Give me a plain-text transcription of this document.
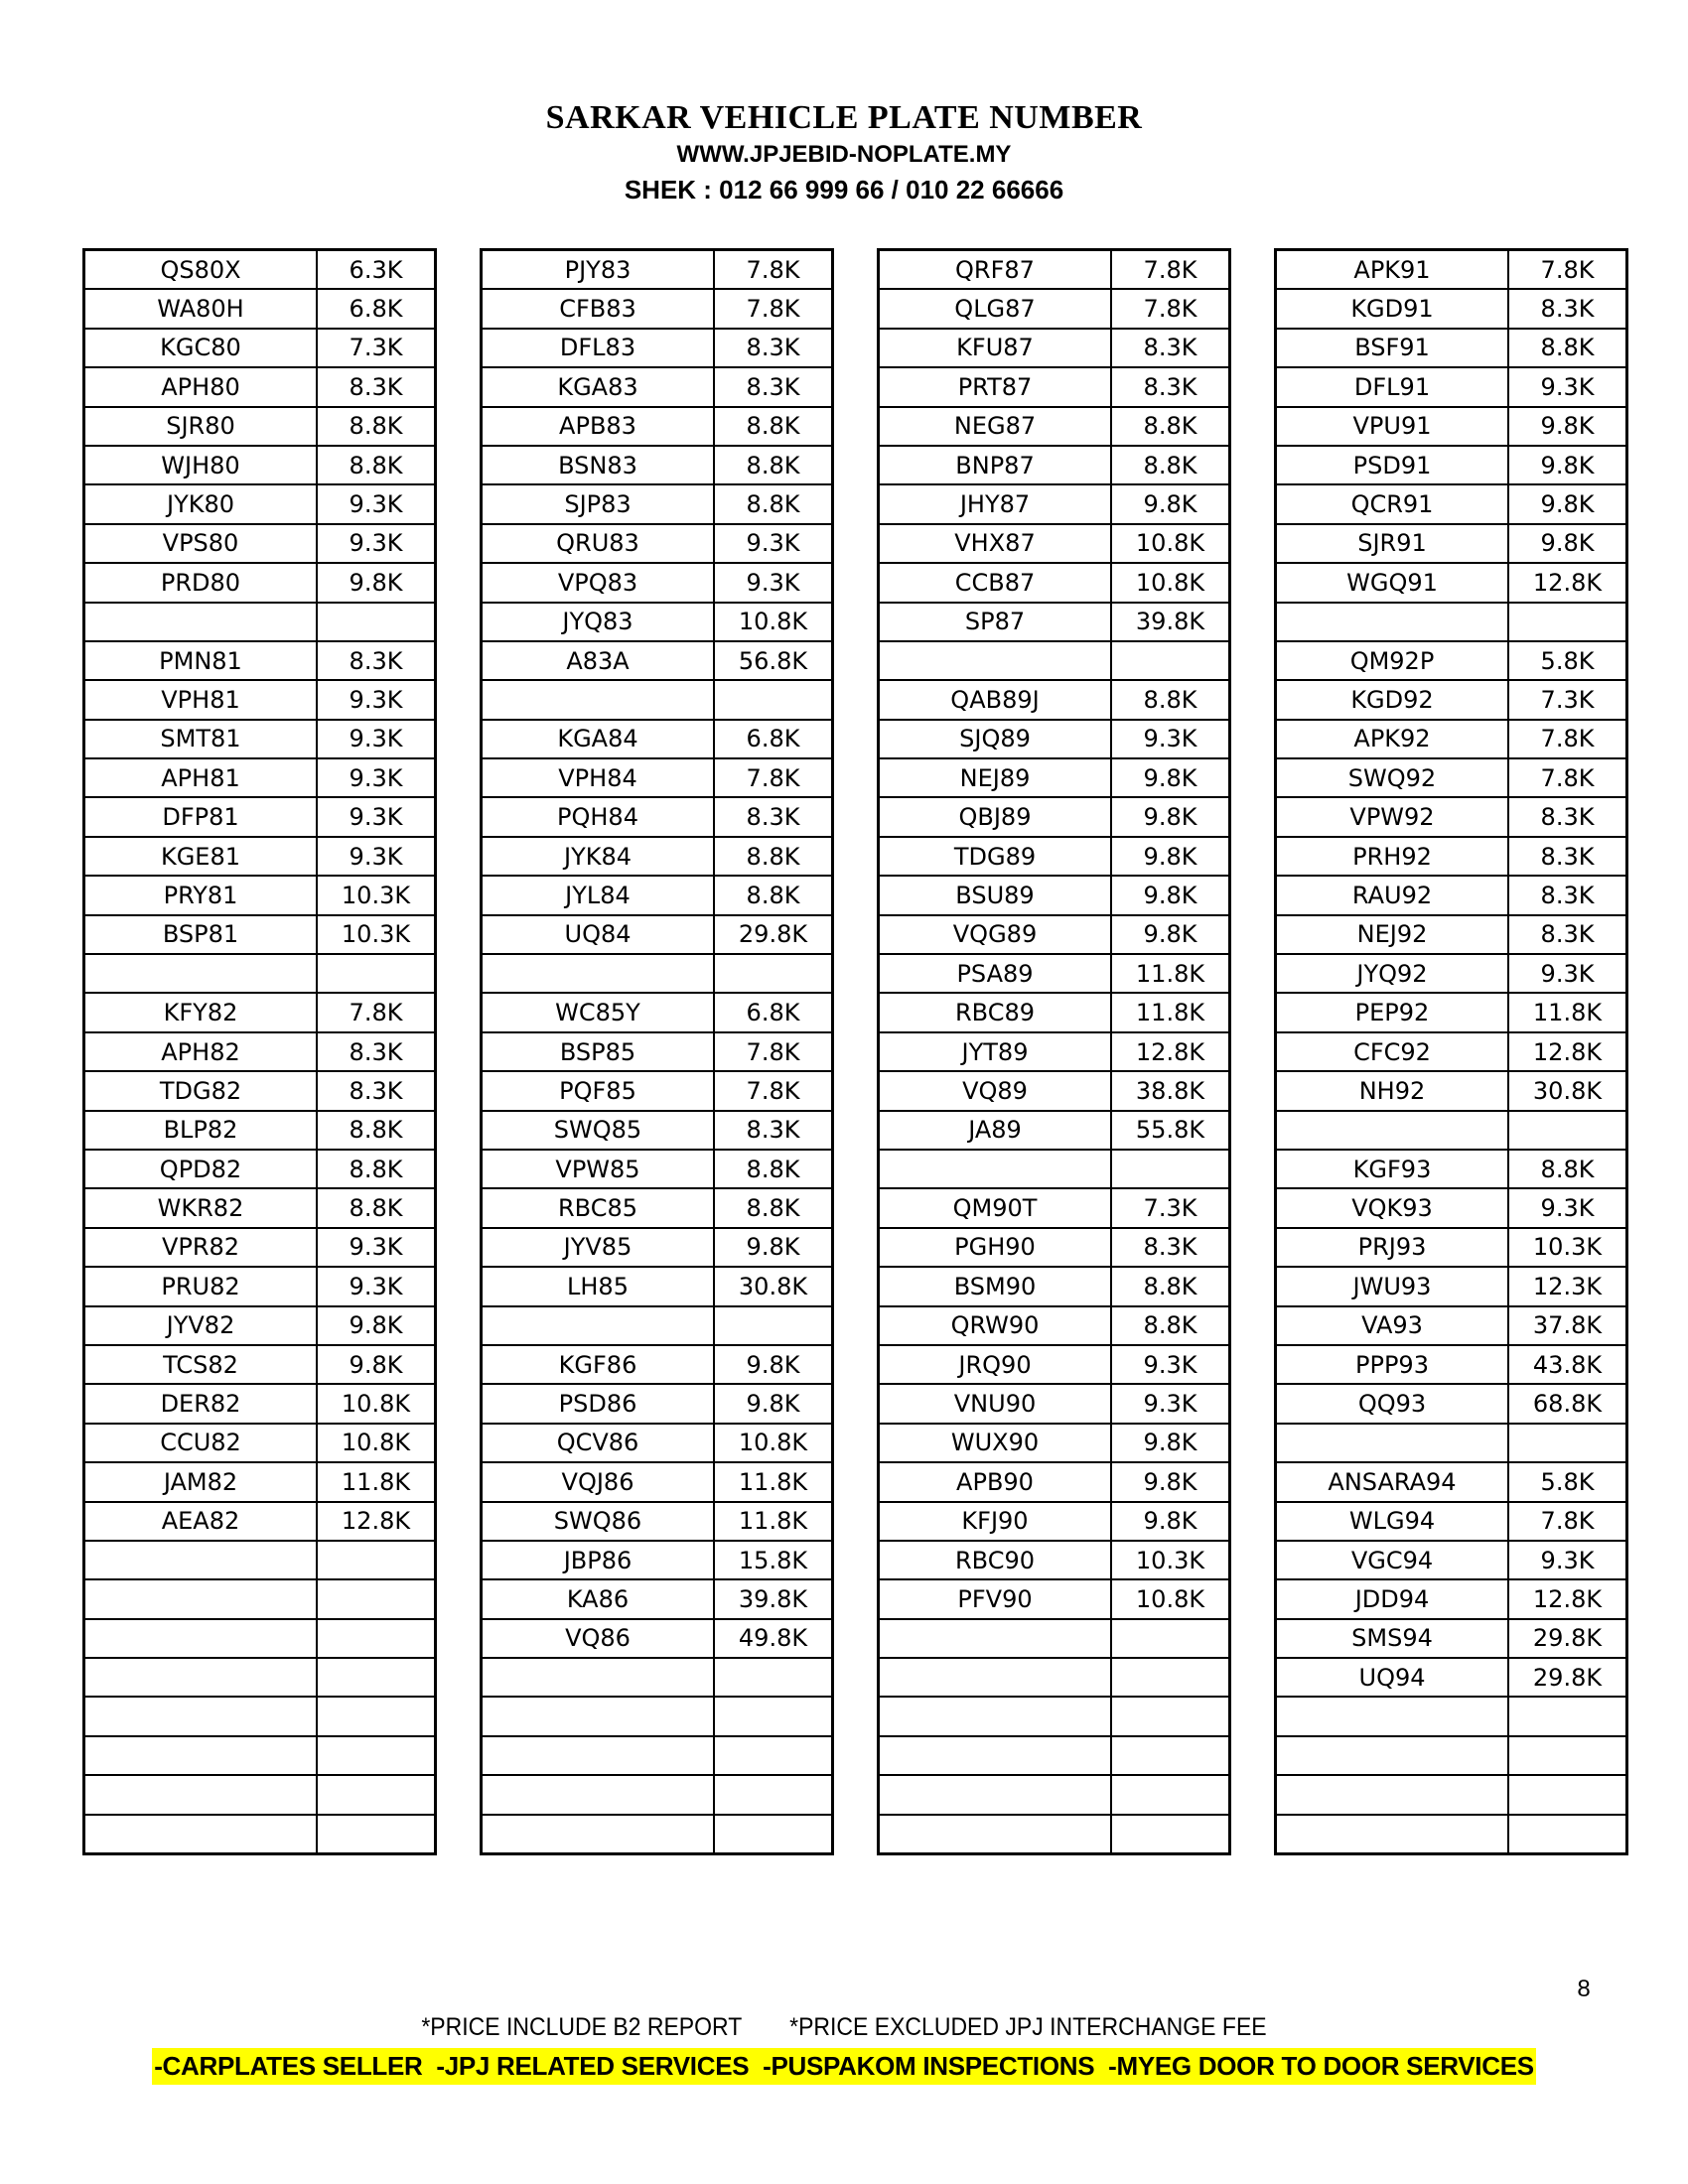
SARKAR VEHICLE PLATE NUMBER
WWW.JPJEBID-NOPLATE.MY
SHEK : 012 66 999 66 / 010 22 66666
QS80X	6.3K
WA80H	6.8K
KGC80	7.3K
APH80	8.3K
SJR80	8.8K
WJH80	8.8K
JYK80	9.3K
VPS80	9.3K
PRD80	9.8K

PMN81	8.3K
VPH81	9.3K
SMT81	9.3K
APH81	9.3K
DFP81	9.3K
KGE81	9.3K
PRY81	10.3K
BSP81	10.3K

KFY82	7.8K
APH82	8.3K
TDG82	8.3K
BLP82	8.8K
QPD82	8.8K
WKR82	8.8K
VPR82	9.3K
PRU82	9.3K
JYV82	9.8K
TCS82	9.8K
DER82	10.8K
CCU82	10.8K
JAM82	11.8K
AEA82	12.8K

PJY83	7.8K
CFB83	7.8K
DFL83	8.3K
KGA83	8.3K
APB83	8.8K
BSN83	8.8K
SJP83	8.8K
QRU83	9.3K
VPQ83	9.3K
JYQ83	10.8K
A83A	56.8K

KGA84	6.8K
VPH84	7.8K
PQH84	8.3K
JYK84	8.8K
JYL84	8.8K
UQ84	29.8K

WC85Y	6.8K
BSP85	7.8K
PQF85	7.8K
SWQ85	8.3K
VPW85	8.8K
RBC85	8.8K
JYV85	9.8K
LH85	30.8K

KGF86	9.8K
PSD86	9.8K
QCV86	10.8K
VQJ86	11.8K
SWQ86	11.8K
JBP86	15.8K
KA86	39.8K
VQ86	49.8K

QRF87	7.8K
QLG87	7.8K
KFU87	8.3K
PRT87	8.3K
NEG87	8.8K
BNP87	8.8K
JHY87	9.8K
VHX87	10.8K
CCB87	10.8K
SP87	39.8K

QAB89J	8.8K
SJQ89	9.3K
NEJ89	9.8K
QBJ89	9.8K
TDG89	9.8K
BSU89	9.8K
VQG89	9.8K
PSA89	11.8K
RBC89	11.8K
JYT89	12.8K
VQ89	38.8K
JA89	55.8K

QM90T	7.3K
PGH90	8.3K
BSM90	8.8K
QRW90	8.8K
JRQ90	9.3K
VNU90	9.3K
WUX90	9.8K
APB90	9.8K
KFJ90	9.8K
RBC90	10.3K
PFV90	10.8K

APK91	7.8K
KGD91	8.3K
BSF91	8.8K
DFL91	9.3K
VPU91	9.8K
PSD91	9.8K
QCR91	9.8K
SJR91	9.8K
WGQ91	12.8K

QM92P	5.8K
KGD92	7.3K
APK92	7.8K
SWQ92	7.8K
VPW92	8.3K
PRH92	8.3K
RAU92	8.3K
NEJ92	8.3K
JYQ92	9.3K
PEP92	11.8K
CFC92	12.8K
NH92	30.8K

KGF93	8.8K
VQK93	9.3K
PRJ93	10.3K
JWU93	12.3K
VA93	37.8K
PPP93	43.8K
QQ93	68.8K

ANSARA94	5.8K
WLG94	7.8K
VGC94	9.3K
JDD94	12.8K
SMS94	29.8K
UQ94	29.8K

8
*PRICE INCLUDE B2 REPORT *PRICE EXCLUDED JPJ INTERCHANGE FEE
-CARPLATES SELLER  -JPJ RELATED SERVICES  -PUSPAKOM INSPECTIONS  -MYEG DOOR TO DOOR SERVICES
